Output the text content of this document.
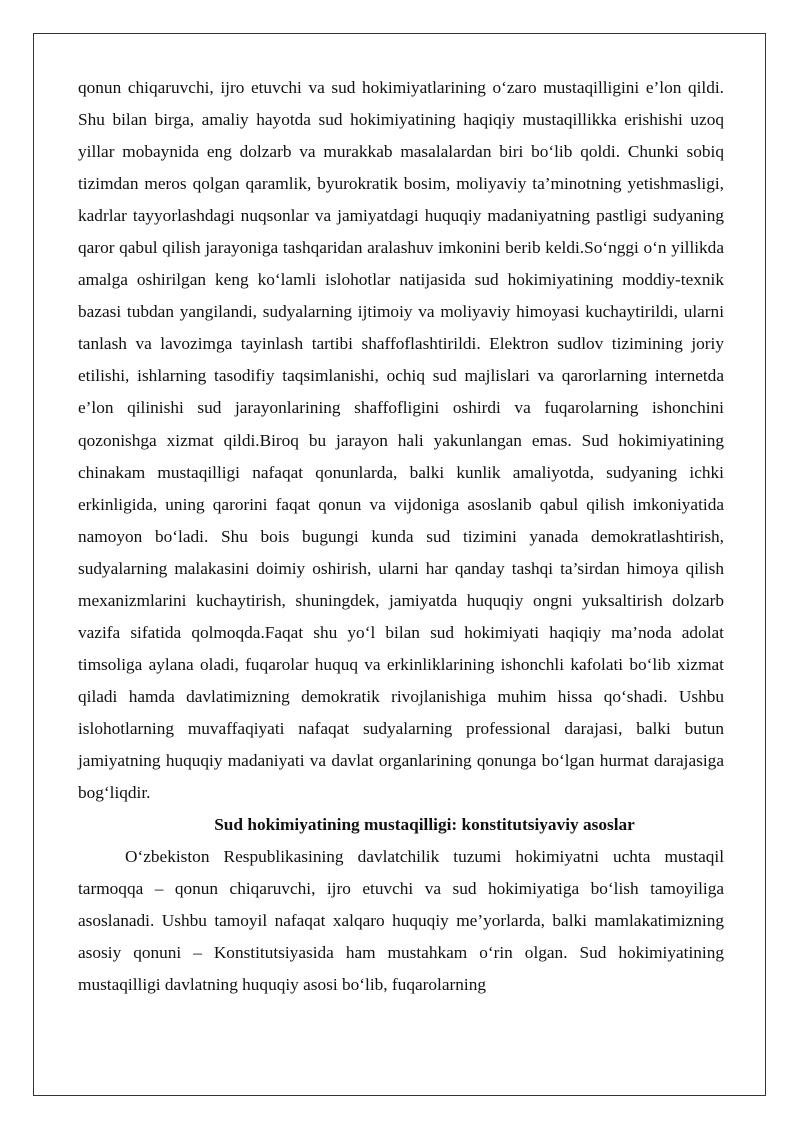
qonun chiqaruvchi, ijro etuvchi va sud hokimiyatlarining o‘zaro mustaqilligini e’lon qildi. Shu bilan birga, amaliy hayotda sud hokimiyatining haqiqiy mustaqillikka erishishi uzoq yillar mobaynida eng dolzarb va murakkab masalalardan biri bo‘lib qoldi. Chunki sobiq tizimdan meros qolgan qaramlik, byurokratik bosim, moliyaviy ta’minotning yetishmasligi, kadrlar tayyorlashdagi nuqsonlar va jamiyatdagi huquqiy madaniyatning pastligi sudyaning qaror qabul qilish jarayoniga tashqaridan aralashuv imkonini berib keldi.So‘nggi o‘n yillikda amalga oshirilgan keng ko‘lamli islohotlar natijasida sud hokimiyatining moddiy-texnik bazasi tubdan yangilandi, sudyalarning ijtimoiy va moliyaviy himoyasi kuchaytirildi, ularni tanlash va lavozimga tayinlash tartibi shaffoflashtirildi. Elektron sudlov tizimining joriy etilishi, ishlarning tasodifiy taqsimlanishi, ochiq sud majlislari va qarorlarning internetda e’lon qilinishi sud jarayonlarining shaffofligini oshirdi va fuqarolarning ishonchini qozonishga xizmat qildi.Biroq bu jarayon hali yakunlangan emas. Sud hokimiyatining chinakam mustaqilligi nafaqat qonunlarda, balki kunlik amaliyotda, sudyaning ichki erkinligida, uning qarorini faqat qonun va vijdoniga asoslanib qabul qilish imkoniyatida namoyon bo‘ladi. Shu bois bugungi kunda sud tizimini yanada demokratlashtirish, sudyalarning malakasini doimiy oshirish, ularni har qanday tashqi ta’sirdan himoya qilish mexanizmlarini kuchaytirish, shuningdek, jamiyatda huquqiy ongni yuksaltirish dolzarb vazifa sifatida qolmoqda.Faqat shu yo‘l bilan sud hokimiyati haqiqiy ma’noda adolat timsoliga aylana oladi, fuqarolar huquq va erkinliklarining ishonchli kafolati bo‘lib xizmat qiladi hamda davlatimizning demokratik rivojlanishiga muhim hissa qo‘shadi. Ushbu islohotlarning muvaffaqiyati nafaqat sudyalarning professional darajasi, balki butun jamiyatning huquqiy madaniyati va davlat organlarining qonunga bo‘lgan hurmat darajasiga bog‘liqdir.

Sud hokimiyatining mustaqilligi: konstitutsiyaviy asoslar

O‘zbekiston Respublikasining davlatchilik tuzumi hokimiyatni uchta mustaqil tarmoqqa – qonun chiqaruvchi, ijro etuvchi va sud hokimiyatiga bo‘lish tamoyiliga asoslanadi. Ushbu tamoyil nafaqat xalqaro huquqiy me’yorlarda, balki mamlakatimizning asosiy qonuni – Konstitutsiyasida ham mustahkam o‘rin olgan. Sud hokimiyatining mustaqilligi davlatning huquqiy asosi bo‘lib, fuqarolarning
